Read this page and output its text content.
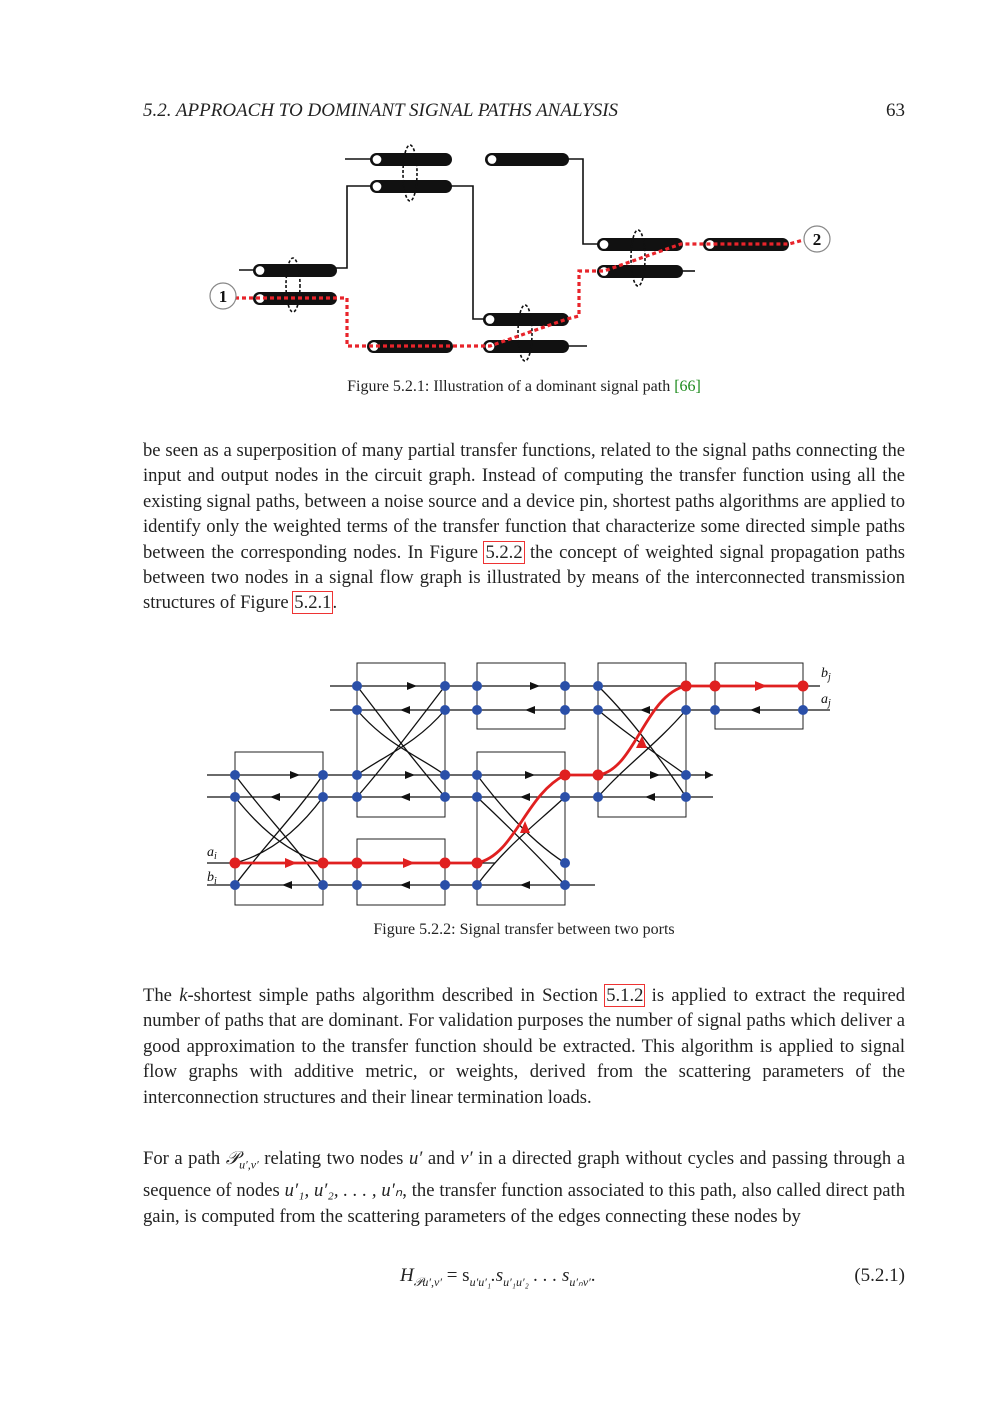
5.2. APPROACH TO DOMINANT SIGNAL PATHS ANALYSIS	63
1
2
Figure 5.2.1: Illustration of a dominant signal path [66]

be seen as a superposition of many partial transfer functions, related to the signal paths connecting the input and output nodes in the circuit graph. Instead of computing the transfer function using all the existing signal paths, between a noise source and a device pin, shortest paths algorithms are applied to identify only the weighted terms of the transfer function that characterize some directed simple paths between the corresponding nodes. In Figure 5.2.2 the concept of weighted signal propagation paths between two nodes in a signal flow graph is illustrated by means of the interconnected transmission structures of Figure 5.2.1.

$b_j$
$a_j$
$a_i$
$b_i$
Figure 5.2.2: Signal transfer between two ports

The k-shortest simple paths algorithm described in Section 5.1.2 is applied to extract the required number of paths that are dominant. For validation purposes the number of signal paths which deliver a good approximation to the transfer function should be extracted. This algorithm is applied to signal flow graphs with additive metric, or weights, derived from the scattering parameters of the interconnection structures and their linear termination loads.

For a path 𝒫$_{u',v'}$ relating two nodes u′ and v′ in a directed graph without cycles and passing through a sequence of nodes u′₁, u′₂, . . . , u′ₙ, the transfer function associated to this path, also called direct path gain, is computed from the scattering parameters of the edges connecting these nodes by

$H_{𝒫u',v'} = s_{u'u'_1}.s_{u'_1u'_2}$ . . . $s_{u'_nv'}$.	(5.2.1)
